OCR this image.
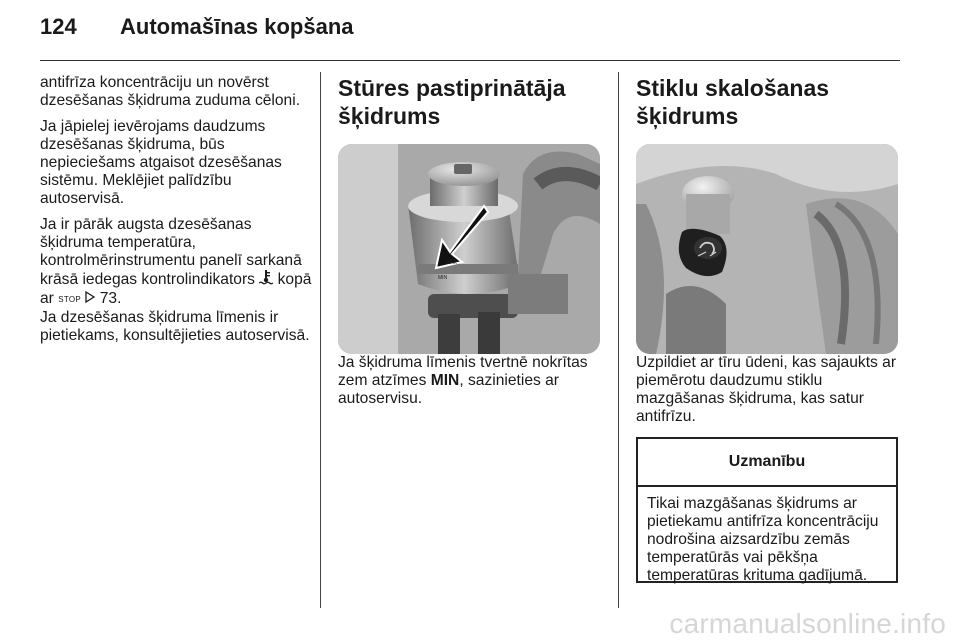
124 Automašīnas kopšana

antifrīza koncentrāciju un novērst dzesēšanas šķidruma zuduma cēloni.

Ja jāpielej ievērojams daudzums dzesēšanas šķidruma, būs nepieciešams atgaisot dzesēšanas sistēmu. Meklējiet palīdzību autoservisā.

Ja ir pārāk augsta dzesēšanas šķidruma temperatūra, kontrolmērinstrumentu panelī sarkanā krāsā iedegas kontrolindikators  kopā ar STOP 73.

Ja dzesēšanas šķidruma līmenis ir pietiekams, konsultējieties autoservisā.

Stūres pastiprinātāja šķidrums
MAX
MIN

Ja šķidruma līmenis tvertnē nokrītas zem atzīmes MIN, sazinieties ar autoservisu.

Stiklu skalošanas šķidrums

Uzpildiet ar tīru ūdeni, kas sajaukts ar piemērotu daudzumu stiklu mazgāšanas šķidruma, kas satur antifrīzu.

Uzmanību
Tikai mazgāšanas šķidrums ar pietiekamu antifrīza koncentrāciju nodrošina aizsardzību zemās temperatūrās vai pēkšņa temperatūras krituma gadījumā.
carmanualsonline.info
